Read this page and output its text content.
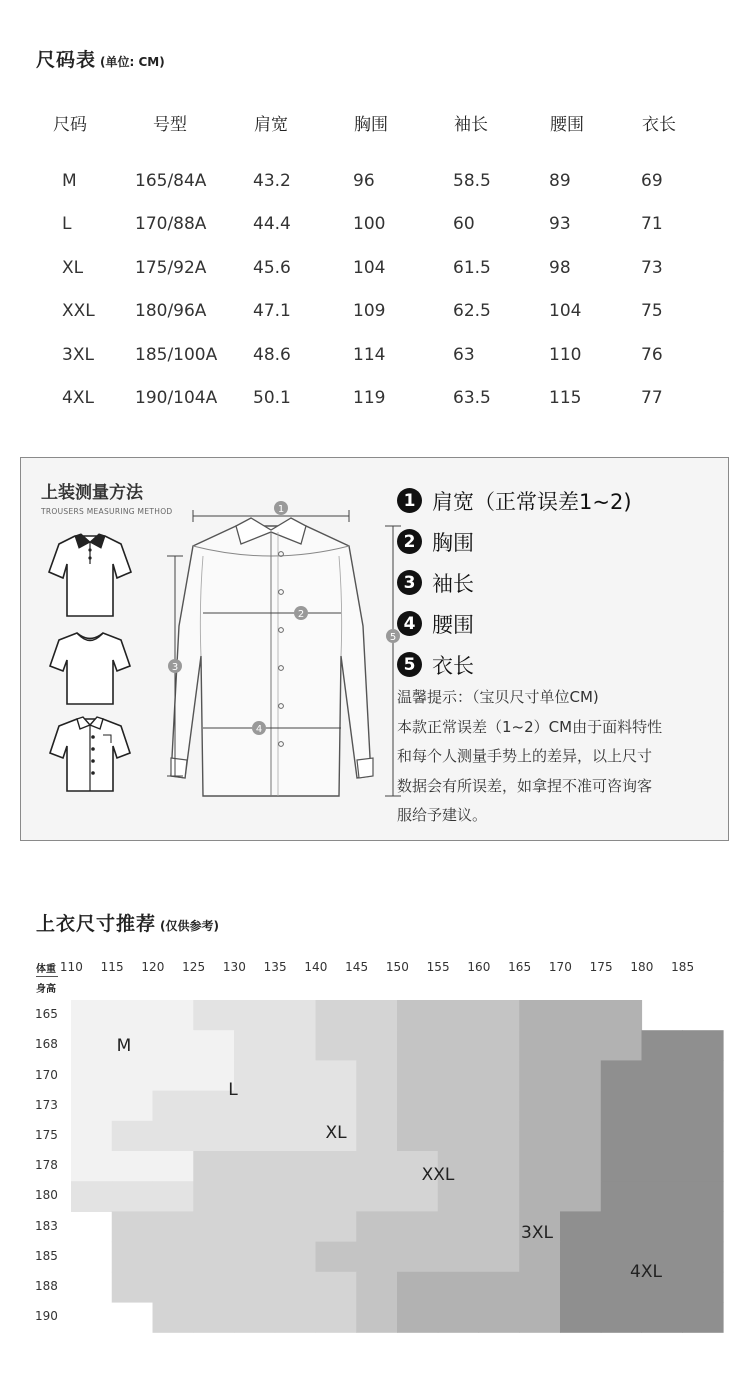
尺码表 (单位: CM)
尺码	号型	肩宽	胸围	袖长	腰围	衣长
M	165/84A	43.2	96	58.5	89	69
L	170/88A	44.4	100	60	93	71
XL	175/92A	45.6	104	61.5	98	73
XXL 180/96A	47.1	109	62.5	104	75
3XL 185/100A 48.6	114	63	110	76
4XL 190/104A 50.1	119	63.5	115	77
上装测量方法
TROUSERS MEASURING METHOD	1
2
3
4
5
1 肩宽（正常误差1~2)
2 胸围
3 袖长
4 腰围
5 衣长
温馨提示：（宝贝尺寸单位CM)
本款正常误差（1~2）CM由于面料特性
和每个人测量手势上的差异，以上尺寸
数据会有所误差，如拿捏不准可咨询客
服给予建议。
上衣尺寸推荐 (仅供参考)
体重
身高
110	115	120	125	130	135	140	145	150	155	160	165	170	175	180	185
165
168
170
173
175
178
180
183
185
188
190
M
L
XL
XXL
3XL
4XL
